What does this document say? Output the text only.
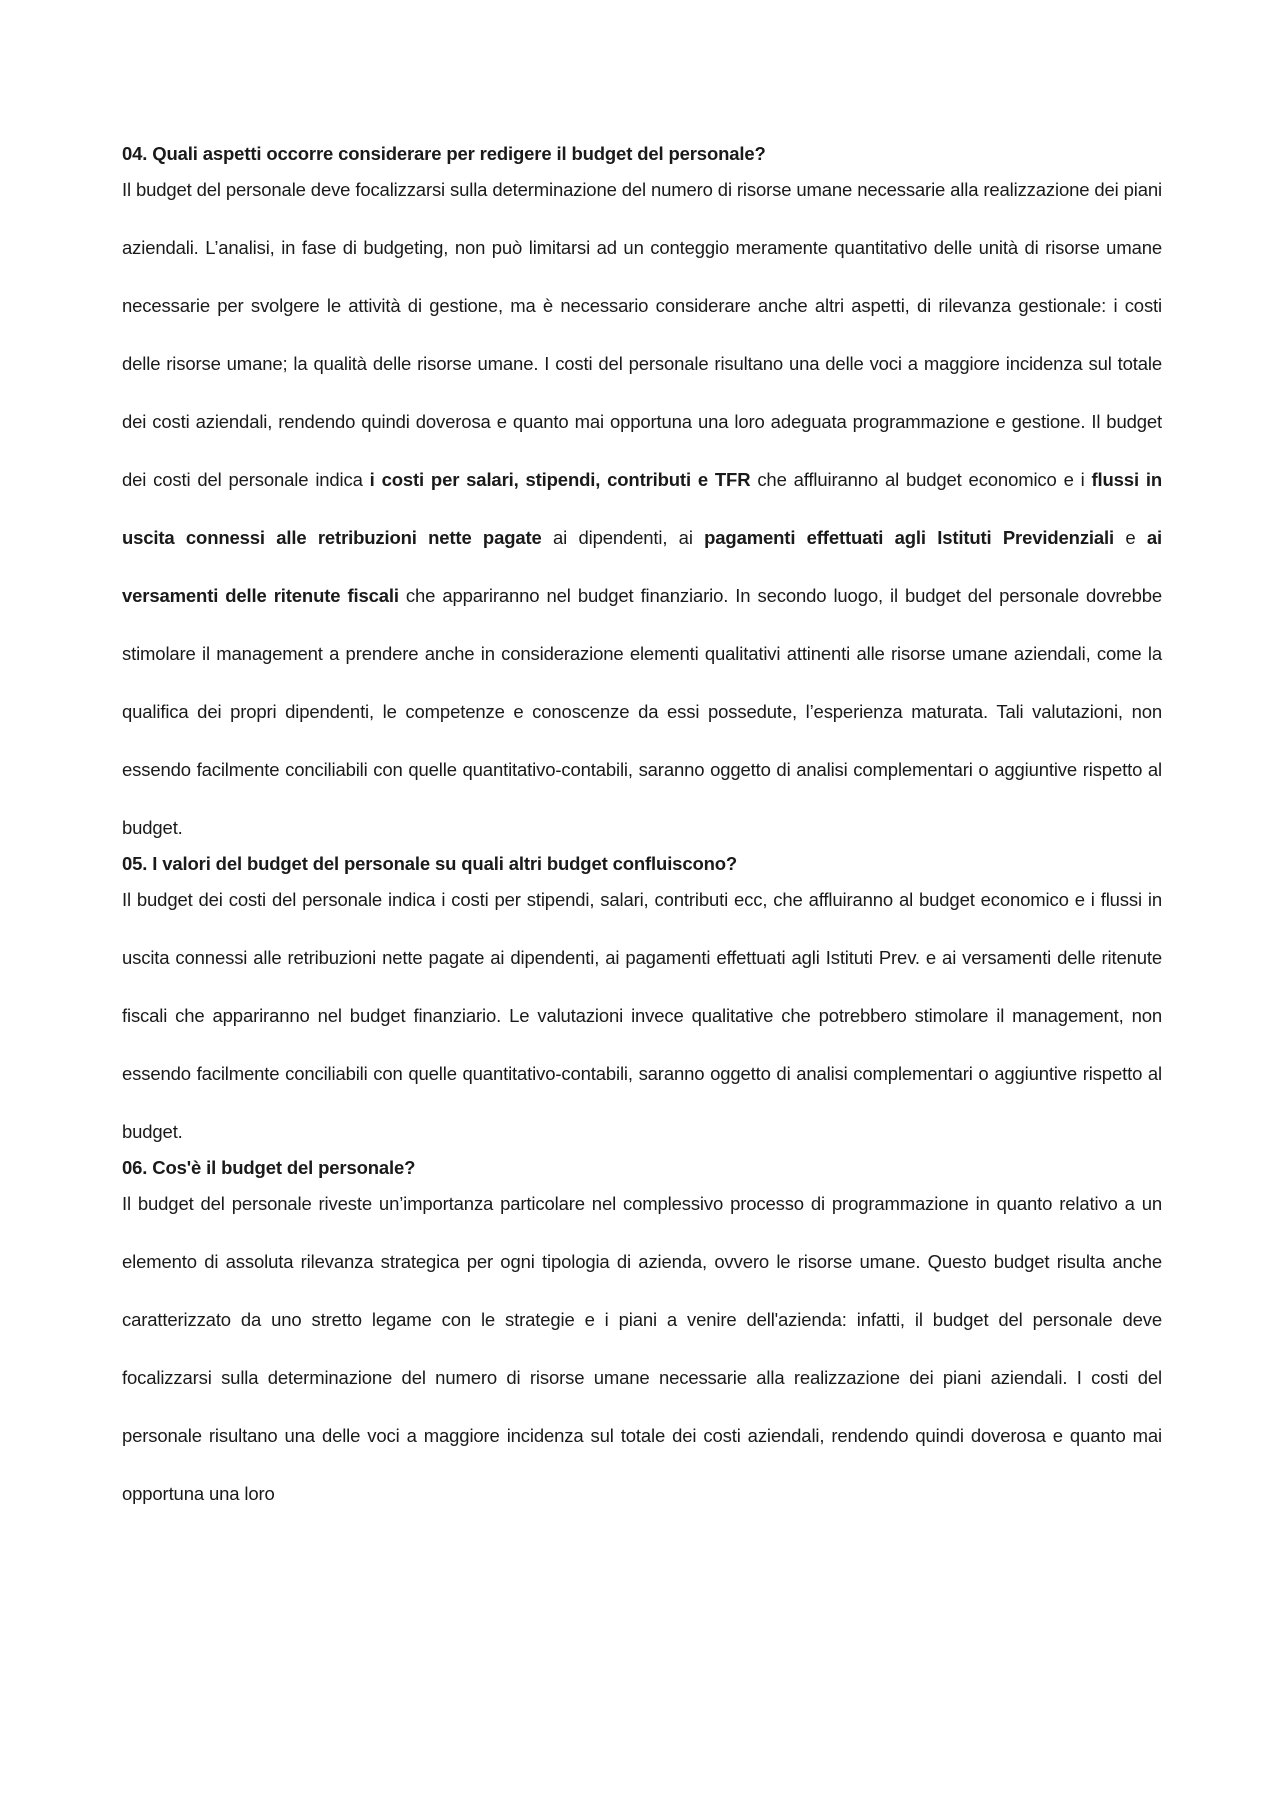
04. Quali aspetti occorre considerare per redigere il budget del personale?
Il budget del personale deve focalizzarsi sulla determinazione del numero di risorse umane necessarie alla realizzazione dei piani aziendali. L’analisi, in fase di budgeting, non può limitarsi ad un conteggio meramente quantitativo delle unità di risorse umane necessarie per svolgere le attività di gestione, ma è necessario considerare anche altri aspetti, di rilevanza gestionale: i costi delle risorse umane; la qualità delle risorse umane. I costi del personale risultano una delle voci a maggiore incidenza sul totale dei costi aziendali, rendendo quindi doverosa e quanto mai opportuna una loro adeguata programmazione e gestione. Il budget dei costi del personale indica i costi per salari, stipendi, contributi e TFR che affluiranno al budget economico e i flussi in uscita connessi alle retribuzioni nette pagate ai dipendenti, ai pagamenti effettuati agli Istituti Previdenziali e ai versamenti delle ritenute fiscali che appariranno nel budget finanziario. In secondo luogo, il budget del personale dovrebbe stimolare il management a prendere anche in considerazione elementi qualitativi attinenti alle risorse umane aziendali, come la qualifica dei propri dipendenti, le competenze e conoscenze da essi possedute, l’esperienza maturata. Tali valutazioni, non essendo facilmente conciliabili con quelle quantitativo-contabili, saranno oggetto di analisi complementari o aggiuntive rispetto al budget.
05. I valori del budget del personale su quali altri budget confluiscono?
Il budget dei costi del personale indica i costi per stipendi, salari, contributi ecc, che affluiranno al budget economico e i flussi in uscita connessi alle retribuzioni nette pagate ai dipendenti, ai pagamenti effettuati agli Istituti Prev. e ai versamenti delle ritenute fiscali che appariranno nel budget finanziario. Le valutazioni invece qualitative che potrebbero stimolare il management, non essendo facilmente conciliabili con quelle quantitativo-contabili, saranno oggetto di analisi complementari o aggiuntive rispetto al budget.
06. Cos'è il budget del personale?
Il budget del personale riveste un’importanza particolare nel complessivo processo di programmazione in quanto relativo a un elemento di assoluta rilevanza strategica per ogni tipologia di azienda, ovvero le risorse umane. Questo budget risulta anche caratterizzato da uno stretto legame con le strategie e i piani a venire dell'azienda: infatti, il budget del personale deve focalizzarsi sulla determinazione del numero di risorse umane necessarie alla realizzazione dei piani aziendali. I costi del personale risultano una delle voci a maggiore incidenza sul totale dei costi aziendali, rendendo quindi doverosa e quanto mai opportuna una loro
